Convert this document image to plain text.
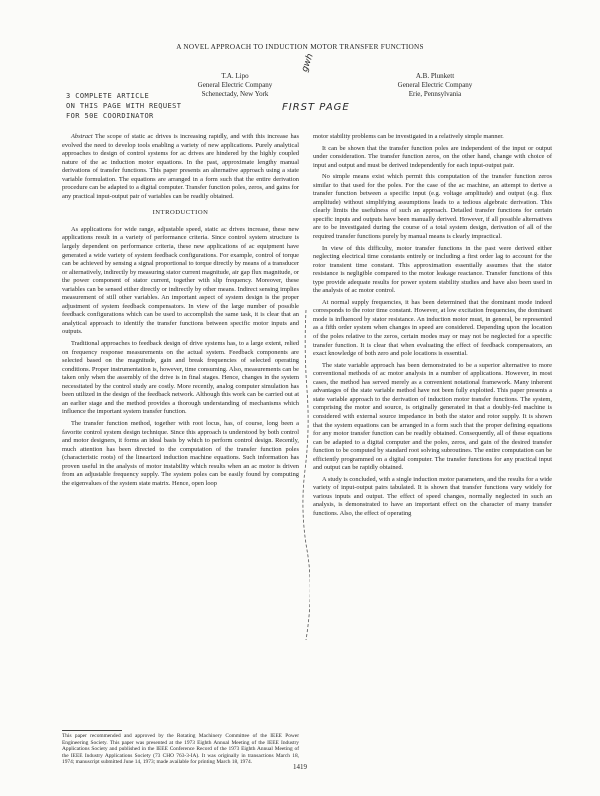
A NOVEL APPROACH TO INDUCTION MOTOR TRANSFER FUNCTIONS
T.A. Lipo
General Electric Company
Schenectady, New York
A.B. Plunkett
General Electric Company
Erie, Pennsylvania
3 COMPLETE ARTICLE
ON THIS PAGE WITH REQUEST
FOR 50E COORDINATOR
gwh
FIRST PAGE

Abstract The scope of static ac drives is increasing rapidly, and with this increase has evolved the need to develop tools enabling a variety of new applications. Purely analytical approaches to design of control systems for ac drives are hindered by the highly coupled nature of the ac induction motor equations. In the past, approximate lengthy manual derivations of transfer functions. This paper presents an alternative approach using a state variable formulation. The equations are arranged in a form such that the entire derivation procedure can be adapted to a digital computer. Transfer function poles, zeros, and gains for any practical input-output pair of variables can be readily obtained.

INTRODUCTION

As applications for wide range, adjustable speed, static ac drives increase, these new applications result in a variety of performance criteria. Since control system structure is largely dependent on performance criteria, these new applications of ac equipment have generated a wide variety of system feedback configurations. For example, control of torque can be achieved by sensing a signal proportional to torque directly by means of a transducer or alternatively, indirectly by measuring stator current magnitude, air gap flux magnitude, or the power component of stator current, together with slip frequency. Moreover, these variables can be sensed either directly or indirectly by other means. Indirect sensing implies measurement of still other variables. An important aspect of system design is the proper adjustment of system feedback compensators. In view of the large number of possible feedback configurations which can be used to accomplish the same task, it is clear that an analytical approach to identify the transfer functions between specific motor inputs and outputs.

Traditional approaches to feedback design of drive systems has, to a large extent, relied on frequency response measurements on the actual system. Feedback components are selected based on the magnitude, gain and break frequencies of selected operating conditions. Proper instrumentation is, however, time consuming. Also, measurements can be taken only when the assembly of the drive is in final stages. Hence, changes in the system necessitated by the control study are costly. More recently, analog computer simulation has been utilized in the design of the feedback network. Although this work can be carried out at an earlier stage and the method provides a thorough understanding of mechanisms which influence the important system transfer function.

The transfer function method, together with root locus, has, of course, long been a favorite control system design technique. Since this approach is understood by both control and motor designers, it forms an ideal basis by which to perform control design. Recently, much attention has been directed to the computation of the transfer function poles (characteristic roots) of the linearized induction machine equations. Such information has proven useful in the analysis of motor instability which results when an ac motor is driven from an adjustable frequency supply. The system poles can be easily found by computing the eigenvalues of the system state matrix. Hence, open loop

motor stability problems can be investigated in a relatively simple manner.

It can be shown that the transfer function poles are independent of the input or output under consideration. The transfer function zeros, on the other hand, change with choice of input and output and must be derived independently for each input-output pair.

No simple means exist which permit this computation of the transfer function zeros similar to that used for the poles. For the case of the ac machine, an attempt to derive a transfer function between a specific input (e.g. voltage amplitude) and output (e.g. flux amplitude) without simplifying assumptions leads to a tedious algebraic derivation. This clearly limits the usefulness of such an approach. Detailed transfer functions for certain specific inputs and outputs have been manually derived. However, if all possible alternatives are to be investigated during the course of a total system design, derivation of all of the required transfer functions purely by manual means is clearly impractical.

In view of this difficulty, motor transfer functions in the past were derived either neglecting electrical time constants entirely or including a first order lag to account for the rotor transient time constant. This approximation essentially assumes that the stator resistance is negligible compared to the motor leakage reactance. Transfer functions of this type provide adequate results for power system stability studies and have also been used in the analysis of ac motor control.

At normal supply frequencies, it has been determined that the dominant mode indeed corresponds to the rotor time constant. However, at low excitation frequencies, the dominant mode is influenced by stator resistance. An induction motor must, in general, be represented as a fifth order system when changes in speed are considered. Depending upon the location of the poles relative to the zeros, certain modes may or may not be neglected for a specific transfer function. It is clear that when evaluating the effect of feedback compensators, an exact knowledge of both zero and pole locations is essential.

The state variable approach has been demonstrated to be a superior alternative to more conventional methods of ac motor analysis in a number of applications. However, in most cases, the method has served merely as a convenient notational framework. Many inherent advantages of the state variable method have not been fully exploited. This paper presents a state variable approach to the derivation of induction motor transfer functions. The system, comprising the motor and source, is originally generated in that a doubly-fed machine is considered with external source impedance in both the stator and rotor supply. It is shown that the system equations can be arranged in a form such that the proper defining equations for any motor transfer function can be readily obtained. Consequently, all of these equations can be adapted to a digital computer and the poles, zeros, and gain of the desired transfer function to be computed by standard root solving subroutines. The entire computation can be efficiently programmed on a digital computer. The transfer functions for any practical input and output can be rapidly obtained.

A study is concluded, with a single induction motor parameters, and the results for a wide variety of input-output pairs tabulated. It is shown that transfer functions vary widely for various inputs and output. The effect of speed changes, normally neglected in such an analysis, is demonstrated to have an important effect on the character of many transfer functions. Also, the effect of operating

This paper recommended and approved by the Rotating Machinery Committee of the IEEE Power Engineering Society. This paper was presented at the 1973 Eighth Annual Meeting of the IEEE Industry Applications Society and published in the IEEE Conference Record of the 1973 Eighth Annual Meeting of the IEEE Industry Applications Society (73 CHO 763-3-IA). It was originally in transactions March 18, 1974; manuscript submitted June 14, 1973; made available for printing March 18, 1974.
1419
